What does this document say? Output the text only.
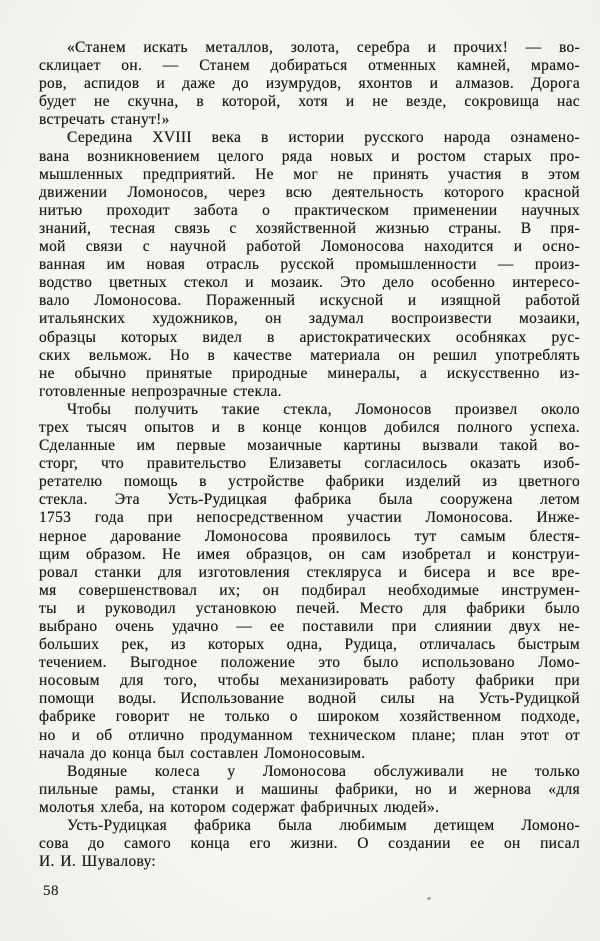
«Станем искать металлов, золота, серебра и прочих! — во-
склицает он. — Станем добираться отменных камней, мрамо-
ров, аспидов и даже до изумрудов, яхонтов и алмазов. Дорога
будет не скучна, в которой, хотя и не везде, сокровища нас
встречать станут!»
Середина XVIII века в истории русского народа ознамено-
вана возникновением целого ряда новых и ростом старых про-
мышленных предприятий. Не мог не принять участия в этом
движении Ломоносов, через всю деятельность которого красной
нитью проходит забота о практическом применении научных
знаний, тесная связь с хозяйственной жизнью страны. В пря-
мой связи с научной работой Ломоносова находится и осно-
ванная им новая отрасль русской промышленности — произ-
водство цветных стекол и мозаик. Это дело особенно интересо-
вало Ломоносова. Пораженный искусной и изящной работой
итальянских художников, он задумал воспроизвести мозаики,
образцы которых видел в аристократических особняках рус-
ских вельмож. Но в качестве материала он решил употреблять
не обычно принятые природные минералы, а искусственно из-
готовленные непрозрачные стекла.
Чтобы получить такие стекла, Ломоносов произвел около
трех тысяч опытов и в конце концов добился полного успеха.
Сделанные им первые мозаичные картины вызвали такой во-
сторг, что правительство Елизаветы согласилось оказать изоб-
ретателю помощь в устройстве фабрики изделий из цветного
стекла. Эта Усть-Рудицкая фабрика была сооружена летом
1753 года при непосредственном участии Ломоносова. Инже-
нерное дарование Ломоносова проявилось тут самым блестя-
щим образом. Не имея образцов, он сам изобретал и конструи-
ровал станки для изготовления стекляруса и бисера и все вре-
мя совершенствовал их; он подбирал необходимые инструмен-
ты и руководил установкою печей. Место для фабрики было
выбрано очень удачно — ее поставили при слиянии двух не-
больших рек, из которых одна, Рудица, отличалась быстрым
течением. Выгодное положение это было использовано Ломо-
носовым для того, чтобы механизировать работу фабрики при
помощи воды. Использование водной силы на Усть-Рудицкой
фабрике говорит не только о широком хозяйственном подходе,
но и об отлично продуманном техническом плане; план этот от
начала до конца был составлен Ломоносовым.
Водяные колеса у Ломоносова обслуживали не только
пильные рамы, станки и машины фабрики, но и жернова «для
молотья хлеба, на котором содержат фабричных людей».
Усть-Рудицкая фабрика была любимым детищем Ломоно-
сова до самого конца его жизни. О создании ее он писал
И. И. Шувалову:
58
